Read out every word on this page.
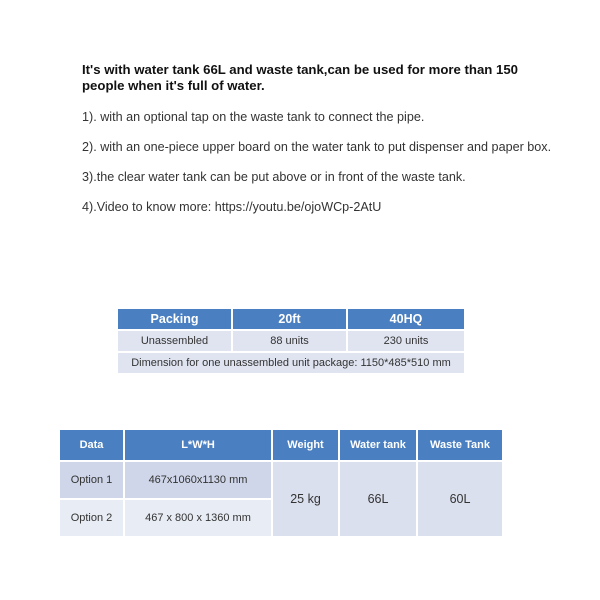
It's with water tank 66L and waste tank,can be used for more than 150 people when it's full of water.

1). with an optional tap on the waste tank to connect the pipe.

2). with an one-piece upper board on the water tank to put dispenser and paper box.

3).the clear water tank can be put above or in front of the waste tank.

4).Video to know more: https://youtu.be/ojoWCp-2AtU

Packing	20ft	40HQ
Unassembled	88 units	230 units
Dimension for one unassembled unit package: 1150*485*510 mm		
Data	L*W*H	Weight	Water tank	Waste Tank
Option 1	467x1060x1130 mm	25 kg	66L	60L
Option 2	467 x 800 x 1360 mm			
